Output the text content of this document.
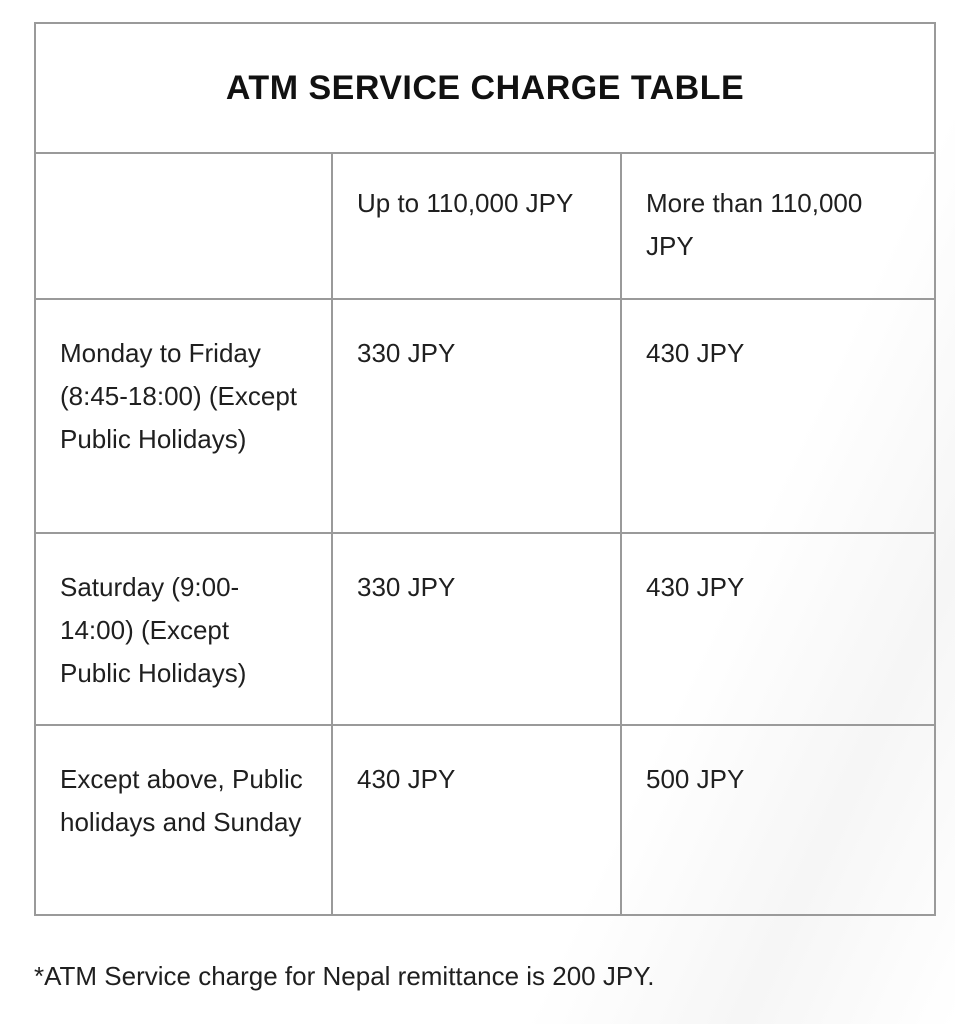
ATM SERVICE CHARGE TABLE		
	Up to 110,000 JPY	More than 110,000 JPY
Monday to Friday (8:45-18:00) (Except Public Holidays)	330 JPY	430 JPY
Saturday (9:00-14:00) (Except Public Holidays)	330 JPY	430 JPY
Except above, Public holidays and Sunday	430 JPY	500 JPY
*ATM Service charge for Nepal remittance is 200 JPY.
